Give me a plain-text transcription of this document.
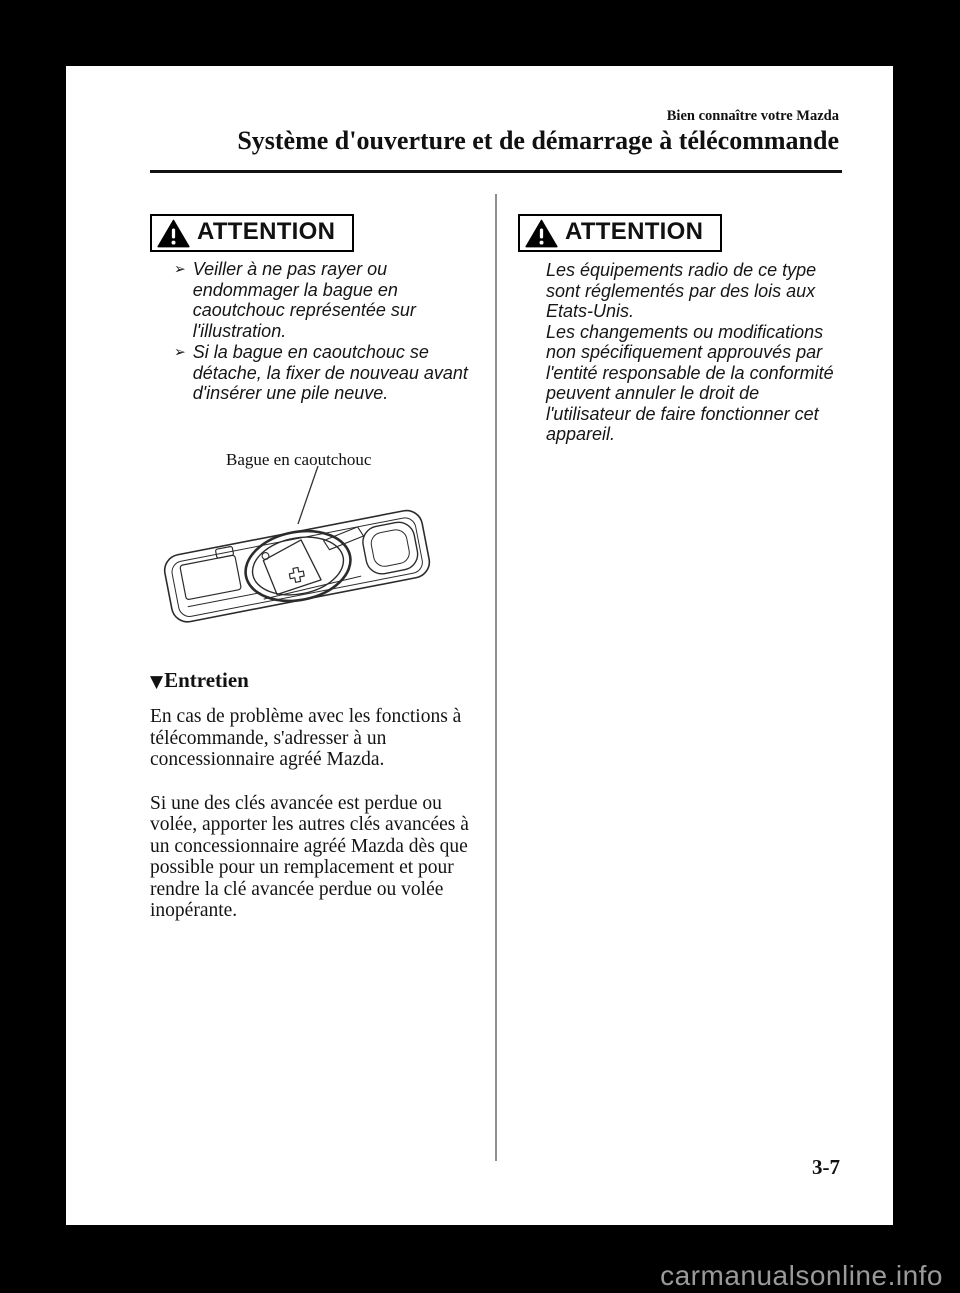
Bien connaître votre Mazda
Système d'ouverture et de démarrage à télécommande
ATTENTION
➢ Veiller à ne pas rayer ou endommager la bague en caoutchouc représentée sur l'illustration.
➢ Si la bague en caoutchouc se détache, la fixer de nouveau avant d'insérer une pile neuve.
Bague en caoutchouc
▼Entretien

En cas de problème avec les fonctions à télécommande, s'adresser à un concessionnaire agréé Mazda.

Si une des clés avancée est perdue ou volée, apporter les autres clés avancées à un concessionnaire agréé Mazda dès que possible pour un remplacement et pour rendre la clé avancée perdue ou volée inopérante.

ATTENTION
Les équipements radio de ce type sont réglementés par des lois aux Etats-Unis.
Les changements ou modifications non spécifiquement approuvés par l'entité responsable de la conformité peuvent annuler le droit de l'utilisateur de faire fonctionner cet appareil.
3-7
carmanualsonline.info
